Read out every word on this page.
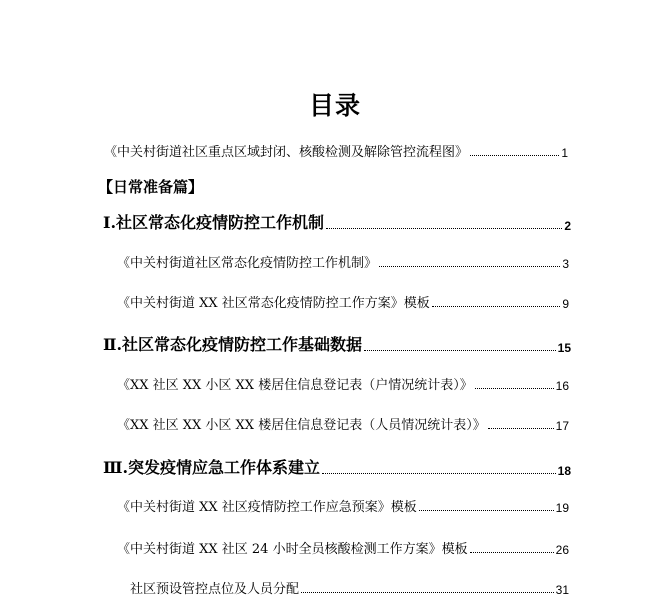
目录
《中关村街道社区重点区域封闭、核酸检测及解除管控流程图》	1
【日常准备篇】
Ⅰ.社区常态化疫情防控工作机制	2
《中关村街道社区常态化疫情防控工作机制》	3
《中关村街道 XX 社区常态化疫情防控工作方案》模板	9
Ⅱ.社区常态化疫情防控工作基础数据	15
《XX 社区 XX 小区 XX 楼居住信息登记表（户情况统计表）》	16
《XX 社区 XX 小区 XX 楼居住信息登记表（人员情况统计表）》	17
Ⅲ.突发疫情应急工作体系建立	18
《中关村街道 XX 社区疫情防控工作应急预案》模板	19
《中关村街道 XX 社区 24 小时全员核酸检测工作方案》模板	26
社区预设管控点位及人员分配	31
